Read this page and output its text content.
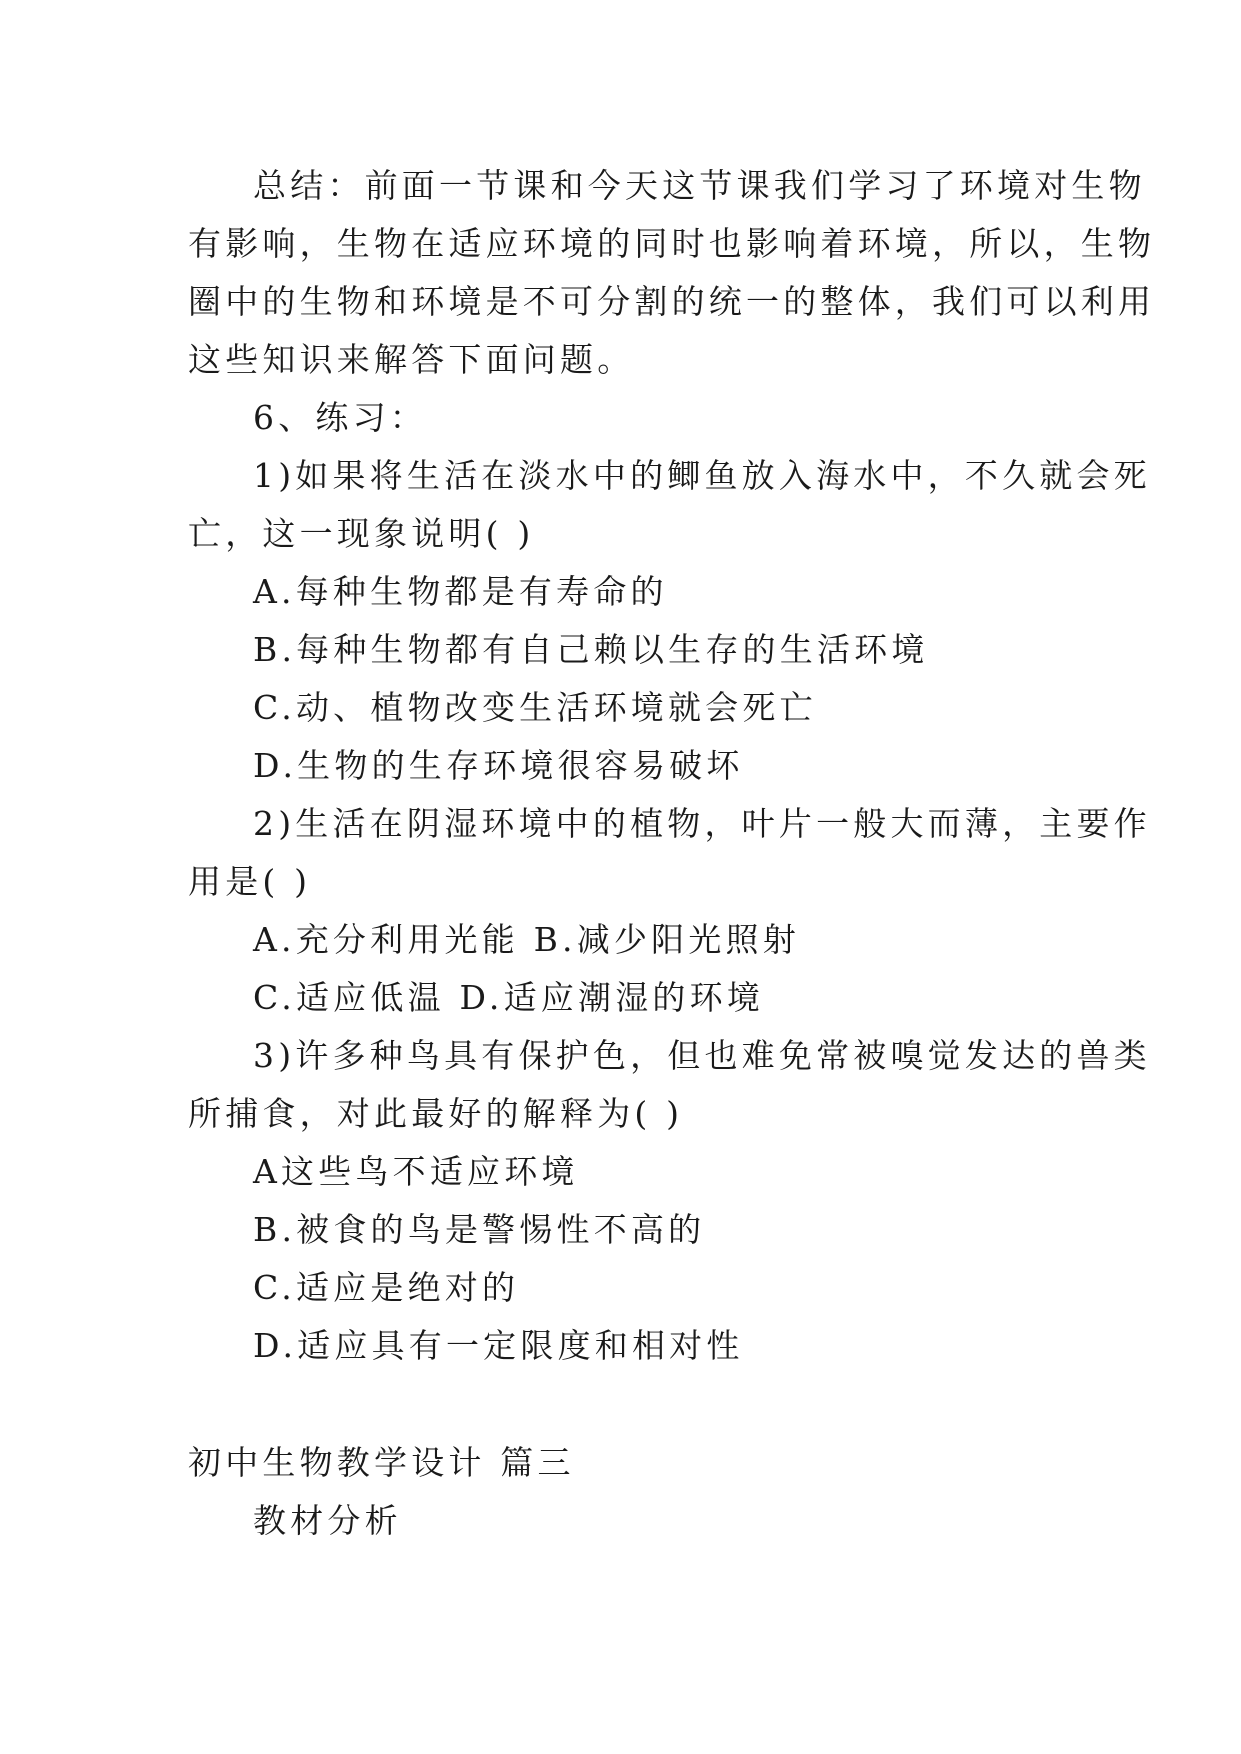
总结：前面一节课和今天这节课我们学习了环境对生物
有影响，生物在适应环境的同时也影响着环境，所以，生物
圈中的生物和环境是不可分割的统一的整体，我们可以利用
这些知识来解答下面问题。
6、练习：
1)如果将生活在淡水中的鲫鱼放入海水中，不久就会死
亡，这一现象说明( )
A.每种生物都是有寿命的
B.每种生物都有自己赖以生存的生活环境
C.动、植物改变生活环境就会死亡
D.生物的生存环境很容易破坏
2)生活在阴湿环境中的植物，叶片一般大而薄，主要作
用是( )
A.充分利用光能 B.减少阳光照射
C.适应低温 D.适应潮湿的环境
3)许多种鸟具有保护色，但也难免常被嗅觉发达的兽类
所捕食，对此最好的解释为( )
A这些鸟不适应环境
B.被食的鸟是警惕性不高的
C.适应是绝对的
D.适应具有一定限度和相对性
初中生物教学设计 篇三
教材分析
